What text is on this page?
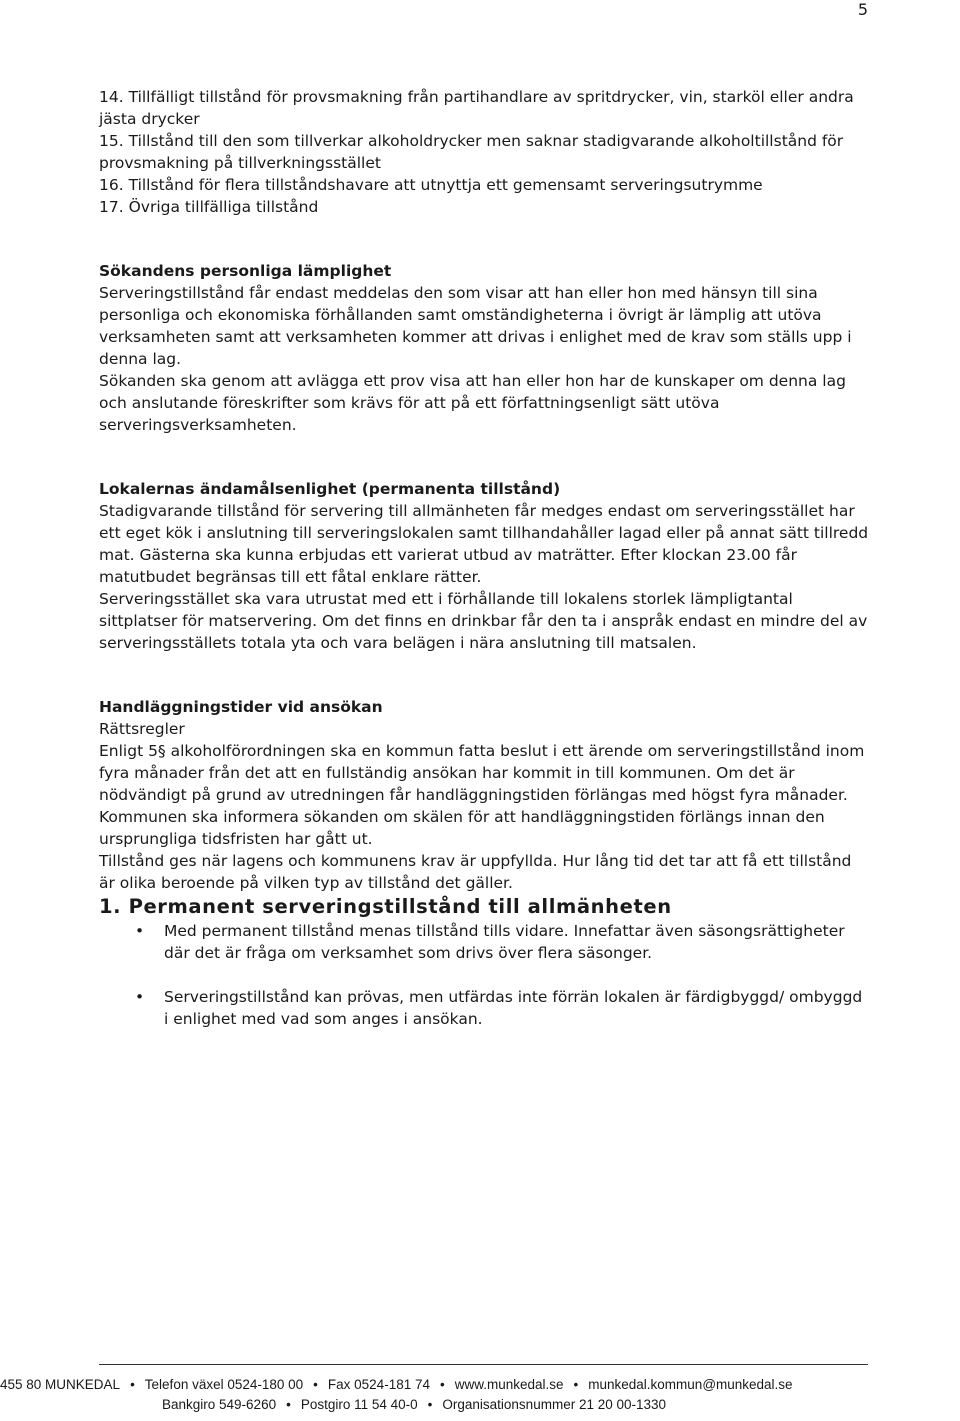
5

14. Tillfälligt tillstånd för provsmakning från partihandlare av spritdrycker, vin, starköl eller andra jästa drycker

15. Tillstånd till den som tillverkar alkoholdrycker men saknar stadigvarande alkoholtillstånd för provsmakning på tillverkningsstället

16. Tillstånd för flera tillståndshavare att utnyttja ett gemensamt serveringsutrymme

17. Övriga tillfälliga tillstånd

Sökandens personliga lämplighet

Serveringstillstånd får endast meddelas den som visar att han eller hon med hänsyn till sina personliga och ekonomiska förhållanden samt omständigheterna i övrigt är lämplig att utöva verksamheten samt att verksamheten kommer att drivas i enlighet med de krav som ställs upp i denna lag.

Sökanden ska genom att avlägga ett prov visa att han eller hon har de kunskaper om denna lag och anslutande föreskrifter som krävs för att på ett författningsenligt sätt utöva serveringsverksamheten.

Lokalernas ändamålsenlighet (permanenta tillstånd)

Stadigvarande tillstånd för servering till allmänheten får medges endast om serveringsstället har ett eget kök i anslutning till serveringslokalen samt tillhandahåller lagad eller på annat sätt tillredd mat. Gästerna ska kunna erbjudas ett varierat utbud av maträtter. Efter klockan 23.00 får matutbudet begränsas till ett fåtal enklare rätter.

Serveringsstället ska vara utrustat med ett i förhållande till lokalens storlek lämpligtantal sittplatser för matservering. Om det finns en drinkbar får den ta i anspråk endast en mindre del av serveringsställets totala yta och vara belägen i nära anslutning till matsalen.

Handläggningstider vid ansökan

Rättsregler

Enligt 5§ alkoholförordningen ska en kommun fatta beslut i ett ärende om serveringstillstånd inom fyra månader från det att en fullständig ansökan har kommit in till kommunen. Om det är nödvändigt på grund av utredningen får handläggningstiden förlängas med högst fyra månader. Kommunen ska informera sökanden om skälen för att handläggningstiden förlängs innan den ursprungliga tidsfristen har gått ut.

Tillstånd ges när lagens och kommunens krav är uppfyllda. Hur lång tid det tar att få ett tillstånd är olika beroende på vilken typ av tillstånd det gäller.

1. Permanent serveringstillstånd till allmänheten
• Med permanent tillstånd menas tillstånd tills vidare. Innefattar även säsongsrättigheter där det är fråga om verksamhet som drivs över flera säsonger.
• Serveringstillstånd kan prövas, men utfärdas inte förrän lokalen är färdigbyggd/ ombyggd i enlighet med vad som anges i ansökan.
455 80 MUNKEDAL • Telefon växel 0524-180 00 • Fax 0524-181 74 • www.munkedal.se • munkedal.kommun@munkedal.se
Bankgiro 549-6260 • Postgiro 11 54 40-0 • Organisationsnummer 21 20 00-1330
